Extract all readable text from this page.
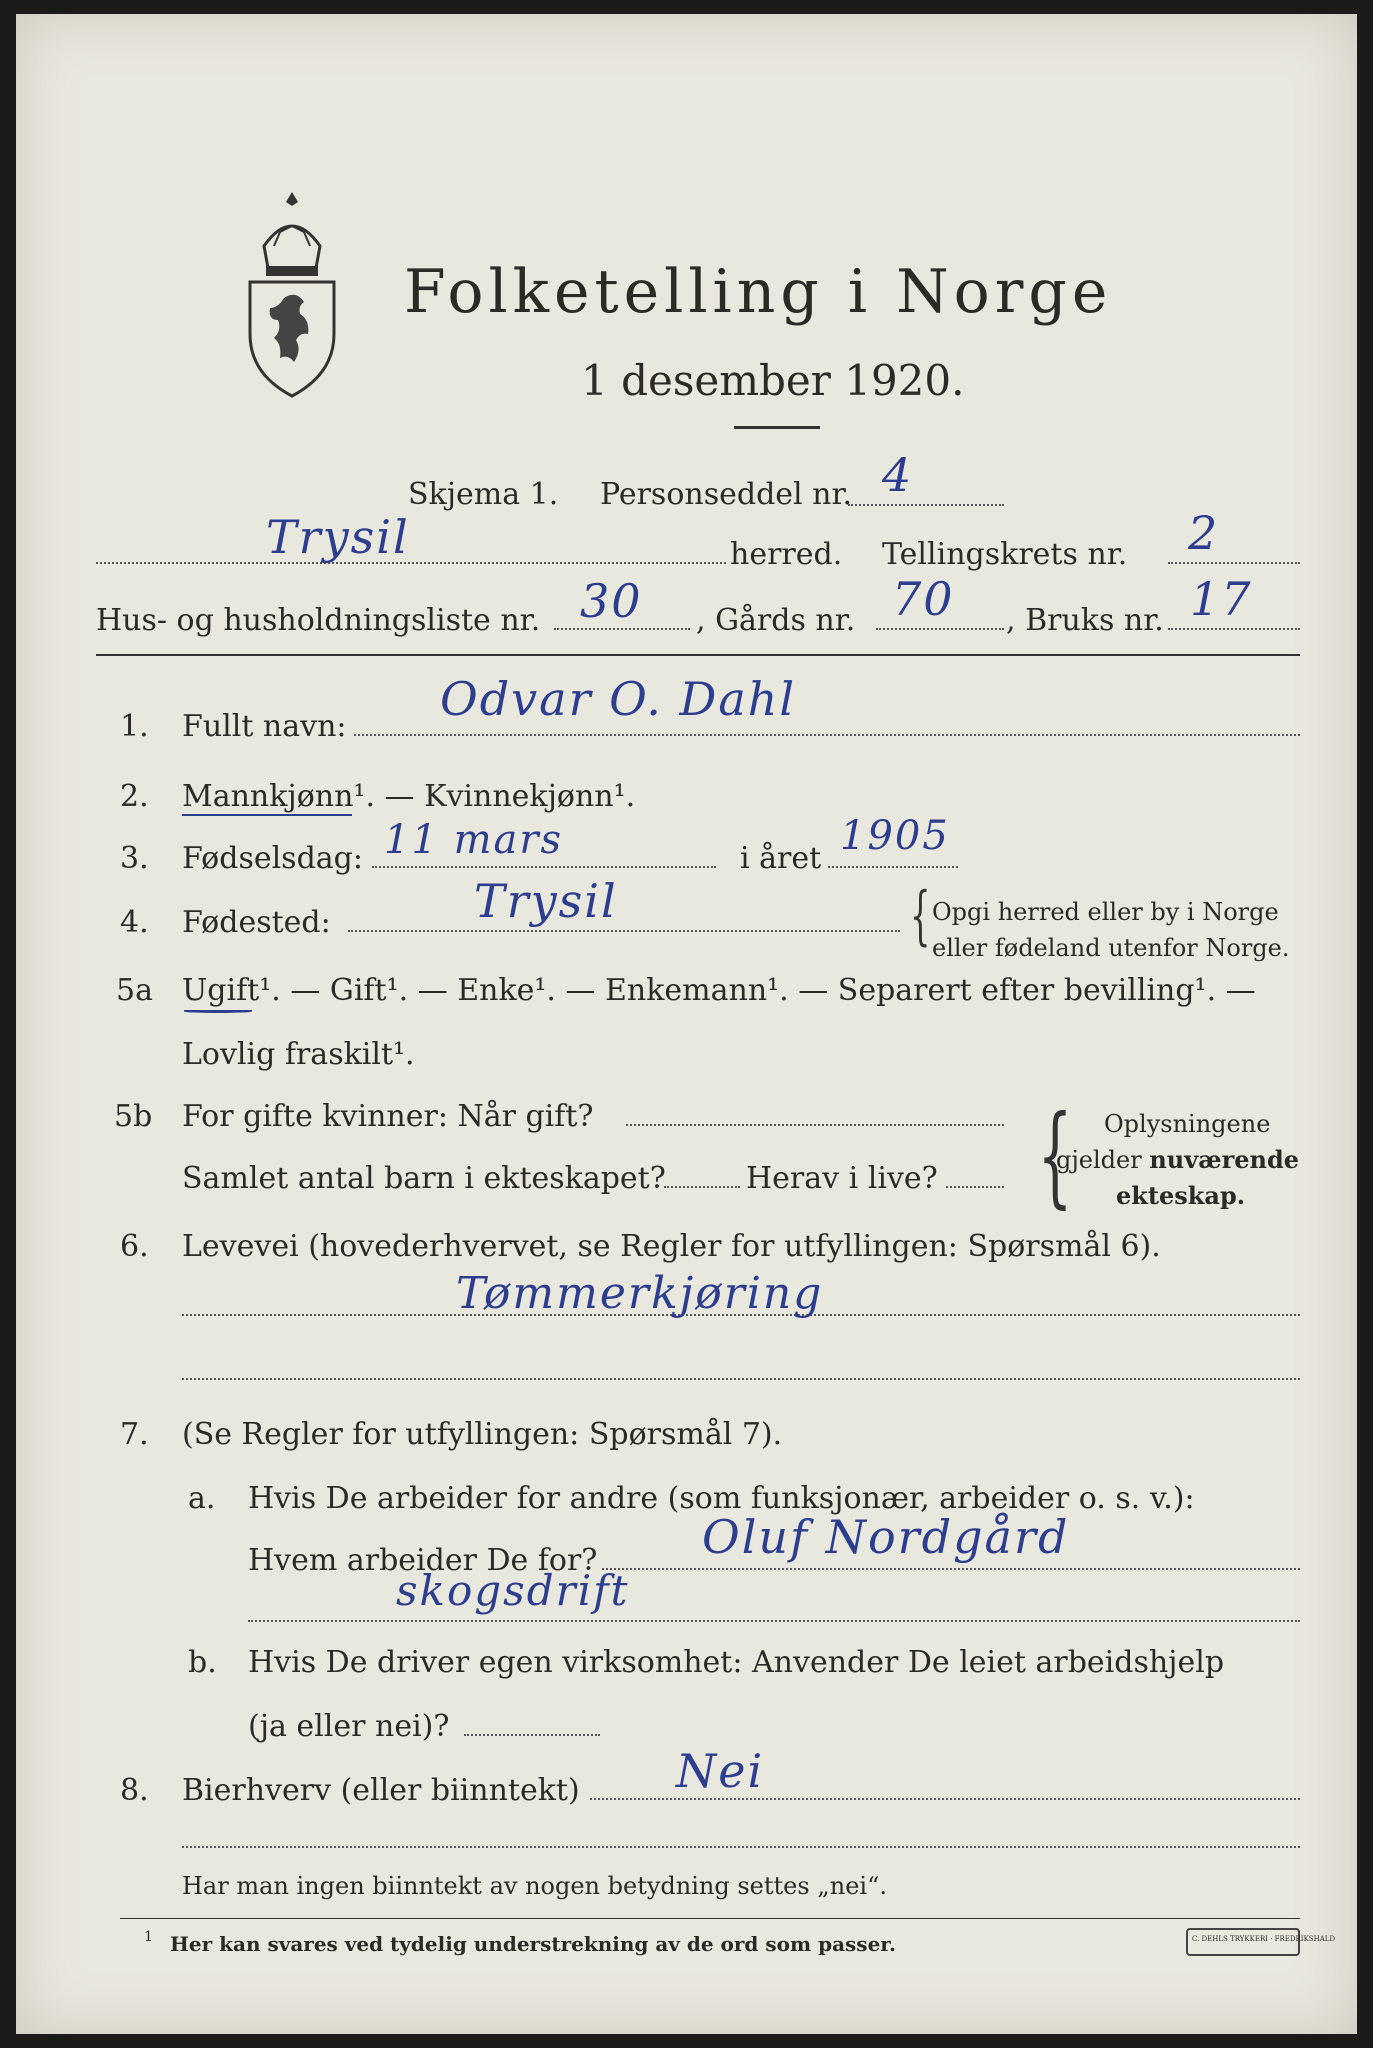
Folketelling i Norge
1 desember 1920.
Skjema 1. Personseddel nr. 4
Trysil	herred. Tellingskrets nr. 2
Hus- og husholdningsliste nr. 30 , Gårds nr. 70 , Bruks nr. 17
1. Fullt navn:
Odvar O. Dahl
2. Mannkjønn¹. — Kvinnekjønn¹.
3. Fødselsdag: 11 mars	i året 1905
4. Fødested:	Trysil	{ Opgi herred eller by i Norge
eller fødeland utenfor Norge.
5a Ugift¹. — Gift¹. — Enke¹. — Enkemann¹. — Separert efter bevilling¹. —
Lovlig fraskilt¹.
5b For gifte kvinner: Når gift?
Samlet antal barn i ekteskapet?	Herav i live? { Oplysningene
gjelder nuværende
ekteskap.
6. Levevei (hovederhvervet, se Regler for utfyllingen: Spørsmål 6).
Tømmerkjøring
7. (Se Regler for utfyllingen: Spørsmål 7).
a. Hvis De arbeider for andre (som funksjonær, arbeider o. s. v.):
Hvem arbeider De for? Oluf Nordgård
skogsdrift
b. Hvis De driver egen virksomhet: Anvender De leiet arbeidshjelp
(ja eller nei)?
8. Bierhverv (eller biinntekt) Nei
Har man ingen biinntekt av nogen betydning settes „nei“.
1 Her kan svares ved tydelig understrekning av de ord som passer.	C. DEHLS TRYKKERI · FREDRIKSHALD
